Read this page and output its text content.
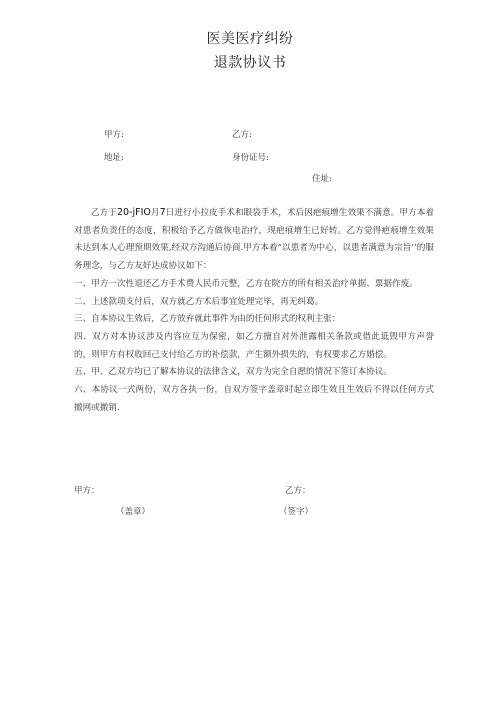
医美医疗纠纷
退款协议书
甲方:	乙方:
地址:	身份证号:
住址:

乙方于20-jFIO月7日进行小拉皮手术和眼袋手术，术后因疤痕增生效果不满意。甲方本着对患者负责任的态度，积极给予乙方做恢电治疗，现疤痕增生已好转。乙方觉得疤痕增生效果未达到本人心理预期效果,经双方沟通后协商.甲方本着“以患者为中心，以患者满意为宗旨’’的服务理念，与乙方友好达成协议如下：

一、甲方一次性退还乙方手术费人民币元整，乙方在院方的所有相关治疗单据、票据作废。

二、上述款项支付后，双方就乙方术后事宜处理完毕，再无纠葛。

三、自本协议生效后，乙方放弃就此事件为由的任何形式的权利主张：

四、双方对本协议涉及内容应互为保密，如乙方擅自对外泄露相关条款或借此诋毁甲方声誉的，则甲方有权收回己支付给乙方的补偿款，产生额外损失的，有权要求乙方婚偿。

五、甲、乙双方均已了解本协议的法律含义，双方为完全自愿的情况下签订本协议。

六、本协议一式两份，双方各执一份，自双方签字盖章时起立即生效且生效后不得以任何方式撤网或撤销.

甲方：	乙方：
（盖章）	（签字）
